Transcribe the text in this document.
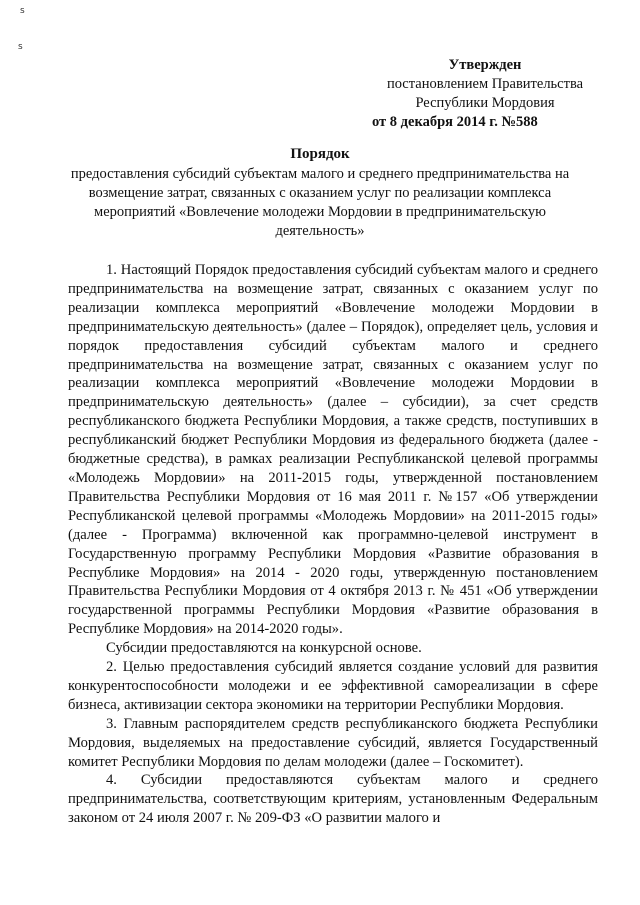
s
s
Утвержден
постановлением Правительства
Республики Мордовия
от 8 декабря 2014 г. №588
Порядок
предоставления субсидий субъектам малого и среднего предпринимательства на возмещение затрат, связанных с оказанием услуг по реализации комплекса мероприятий «Вовлечение молодежи Мордовии в предпринимательскую деятельность»

1. Настоящий Порядок предоставления субсидий субъектам малого и среднего предпринимательства на возмещение затрат, связанных с оказанием услуг по реализации комплекса мероприятий «Вовлечение молодежи Мордовии в предпринимательскую деятельность» (далее – Порядок), определяет цель, условия и порядок предоставления субсидий субъектам малого и среднего предпринимательства на возмещение затрат, связанных с оказанием услуг по реализации комплекса мероприятий «Вовлечение молодежи Мордовии в предпринимательскую деятельность» (далее – субсидии), за счет средств республиканского бюджета Республики Мордовия, а также средств, поступивших в республиканский бюджет Республики Мордовия из федерального бюджета (далее - бюджетные средства), в рамках реализации Республиканской целевой программы «Молодежь Мордовии» на 2011-2015 годы, утвержденной постановлением Правительства Республики Мордовия от 16 мая 2011 г. №157 «Об утверждении Республиканской целевой программы «Молодежь Мордовии» на 2011-2015 годы» (далее - Программа) включенной как программно-целевой инструмент в Государственную программу Республики Мордовия «Развитие образования в Республике Мордовия» на 2014 - 2020 годы, утвержденную постановлением Правительства Республики Мордовия от 4 октября 2013 г. № 451 «Об утверждении государственной программы Республики Мордовия «Развитие образования в Республике Мордовия» на 2014-2020 годы».

Субсидии предоставляются на конкурсной основе.

2. Целью предоставления субсидий является создание условий для развития конкурентоспособности молодежи и ее эффективной самореализации в сфере бизнеса, активизации сектора экономики на территории Республики Мордовия.

3. Главным распорядителем средств республиканского бюджета Республики Мордовия, выделяемых на предоставление субсидий, является Государственный комитет Республики Мордовия по делам молодежи (далее – Госкомитет).

4. Субсидии предоставляются субъектам малого и среднего предпринимательства, соответствующим критериям, установленным Федеральным законом от 24 июля 2007 г. № 209-ФЗ «О развитии малого и
